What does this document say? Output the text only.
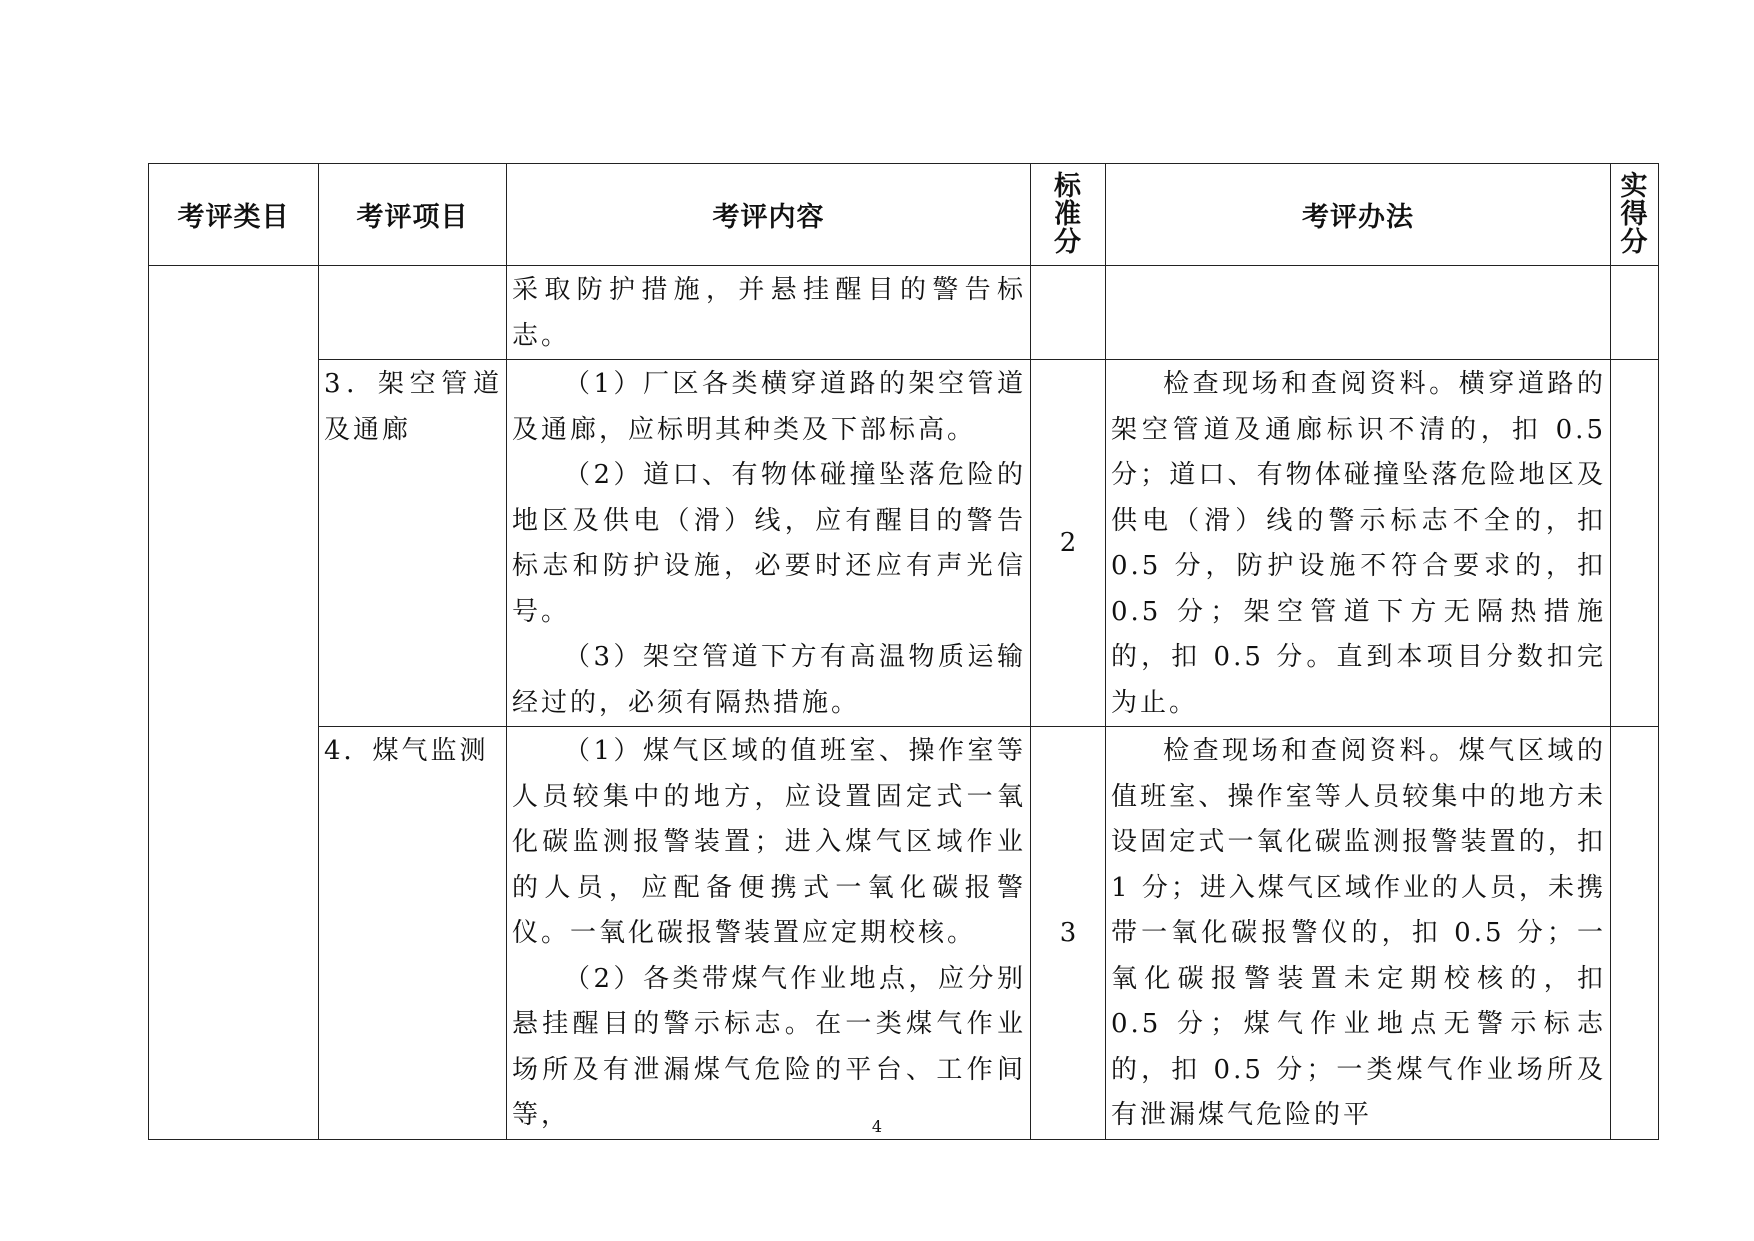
考评类目	考评项目	考评内容	标准分	考评办法	实得分

		采取防护措施，并悬挂醒目的警告标志。			

	3．架空管道及通廊	（1）厂区各类横穿道路的架空管道及通廊，应标明其种类及下部标高。
（2）道口、有物体碰撞坠落危险的地区及供电（滑）线，应有醒目的警告标志和防护设施，必要时还应有声光信号。
（3）架空管道下方有高温物质运输经过的，必须有隔热措施。	2	检查现场和查阅资料。横穿道路的架空管道及通廊标识不清的，扣 0.5 分；道口、有物体碰撞坠落危险地区及供电（滑）线的警示标志不全的，扣 0.5 分，防护设施不符合要求的，扣 0.5 分；架空管道下方无隔热措施的，扣 0.5 分。直到本项目分数扣完为止。	

	4．煤气监测	（1）煤气区域的值班室、操作室等人员较集中的地方，应设置固定式一氧化碳监测报警装置；进入煤气区域作业的人员，应配备便携式一氧化碳报警仪。一氧化碳报警装置应定期校核。
（2）各类带煤气作业地点，应分别悬挂醒目的警示标志。在一类煤气作业场所及有泄漏煤气危险的平台、工作间等，	3	检查现场和查阅资料。煤气区域的值班室、操作室等人员较集中的地方未设固定式一氧化碳监测报警装置的，扣 1 分；进入煤气区域作业的人员，未携带一氧化碳报警仪的，扣 0.5 分；一氧化碳报警装置未定期校核的，扣 0.5 分；煤气作业地点无警示标志的，扣 0.5 分；一类煤气作业场所及有泄漏煤气危险的平	

4
